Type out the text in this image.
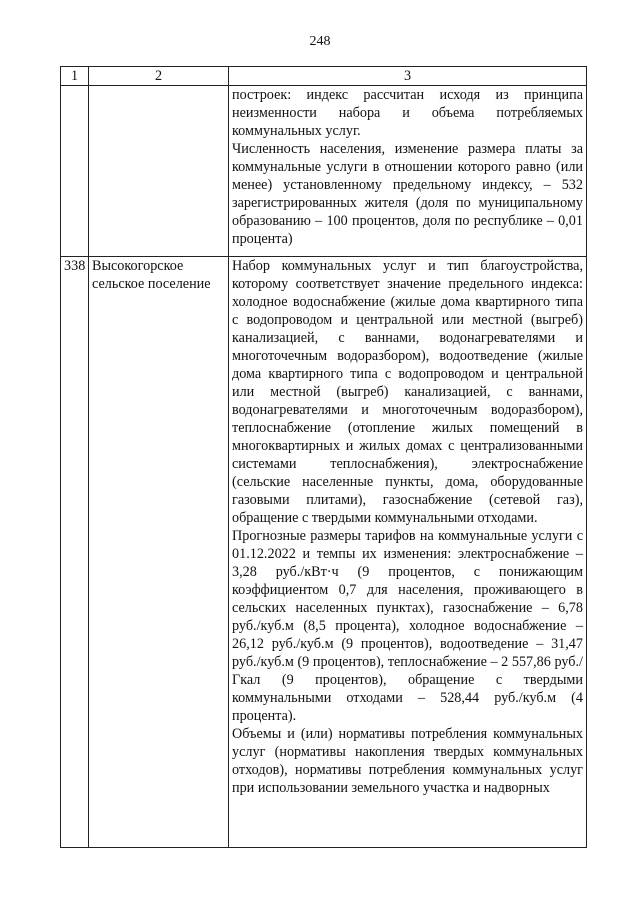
248
1	2	3

		построек: индекс рассчитан исходя из принципа неизменности набора и объема потребляемых коммунальных услуг.

Численность населения, изменение размера платы за коммунальные услуги в отношении которого равно (или менее) установленному предельному индексу, – 532 зарегистрированных жителя (доля по муниципальному образованию – 100 процентов, доля по республике – 0,01 процента)

338	Высокогорское сельское поселение	Набор коммунальных услуг и тип благоустройства, которому соответствует значение предельного индекса: холодное водоснабжение (жилые дома квартирного типа с водопроводом и центральной или местной (выгреб) канализацией, с ваннами, водонагревателями и многоточечным водоразбором), водоотведение (жилые дома квартирного типа с водопроводом и центральной или местной (выгреб) канализацией, с ваннами, водонагревателями и многоточечным водоразбором), теплоснабжение (отопление жилых помещений в многоквартирных и жилых домах с централизованными системами теплоснабжения), электроснабжение (сельские населенные пункты, дома, оборудованные газовыми плитами), газоснабжение (сетевой газ), обращение с твердыми коммунальными отходами.

Прогнозные размеры тарифов на коммунальные услуги с 01.12.2022 и темпы их изменения: электроснабжение – 3,28 руб./кВт·ч (9 процентов, с понижающим коэффициентом 0,7 для населения, проживающего в сельских населенных пунктах), газоснабжение – 6,78 руб./куб.м (8,5 процента), холодное водоснабжение – 26,12 руб./куб.м (9 процентов), водоотведение – 31,47 руб./куб.м (9 процентов), теплоснабжение – 2 557,86 руб./Гкал (9 процентов), обращение с твердыми коммунальными отходами – 528,44 руб./куб.м (4 процента).

Объемы и (или) нормативы потребления коммунальных услуг (нормативы накопления твердых коммунальных отходов), нормативы потребления коммунальных услуг при использовании земельного участка и надворных
